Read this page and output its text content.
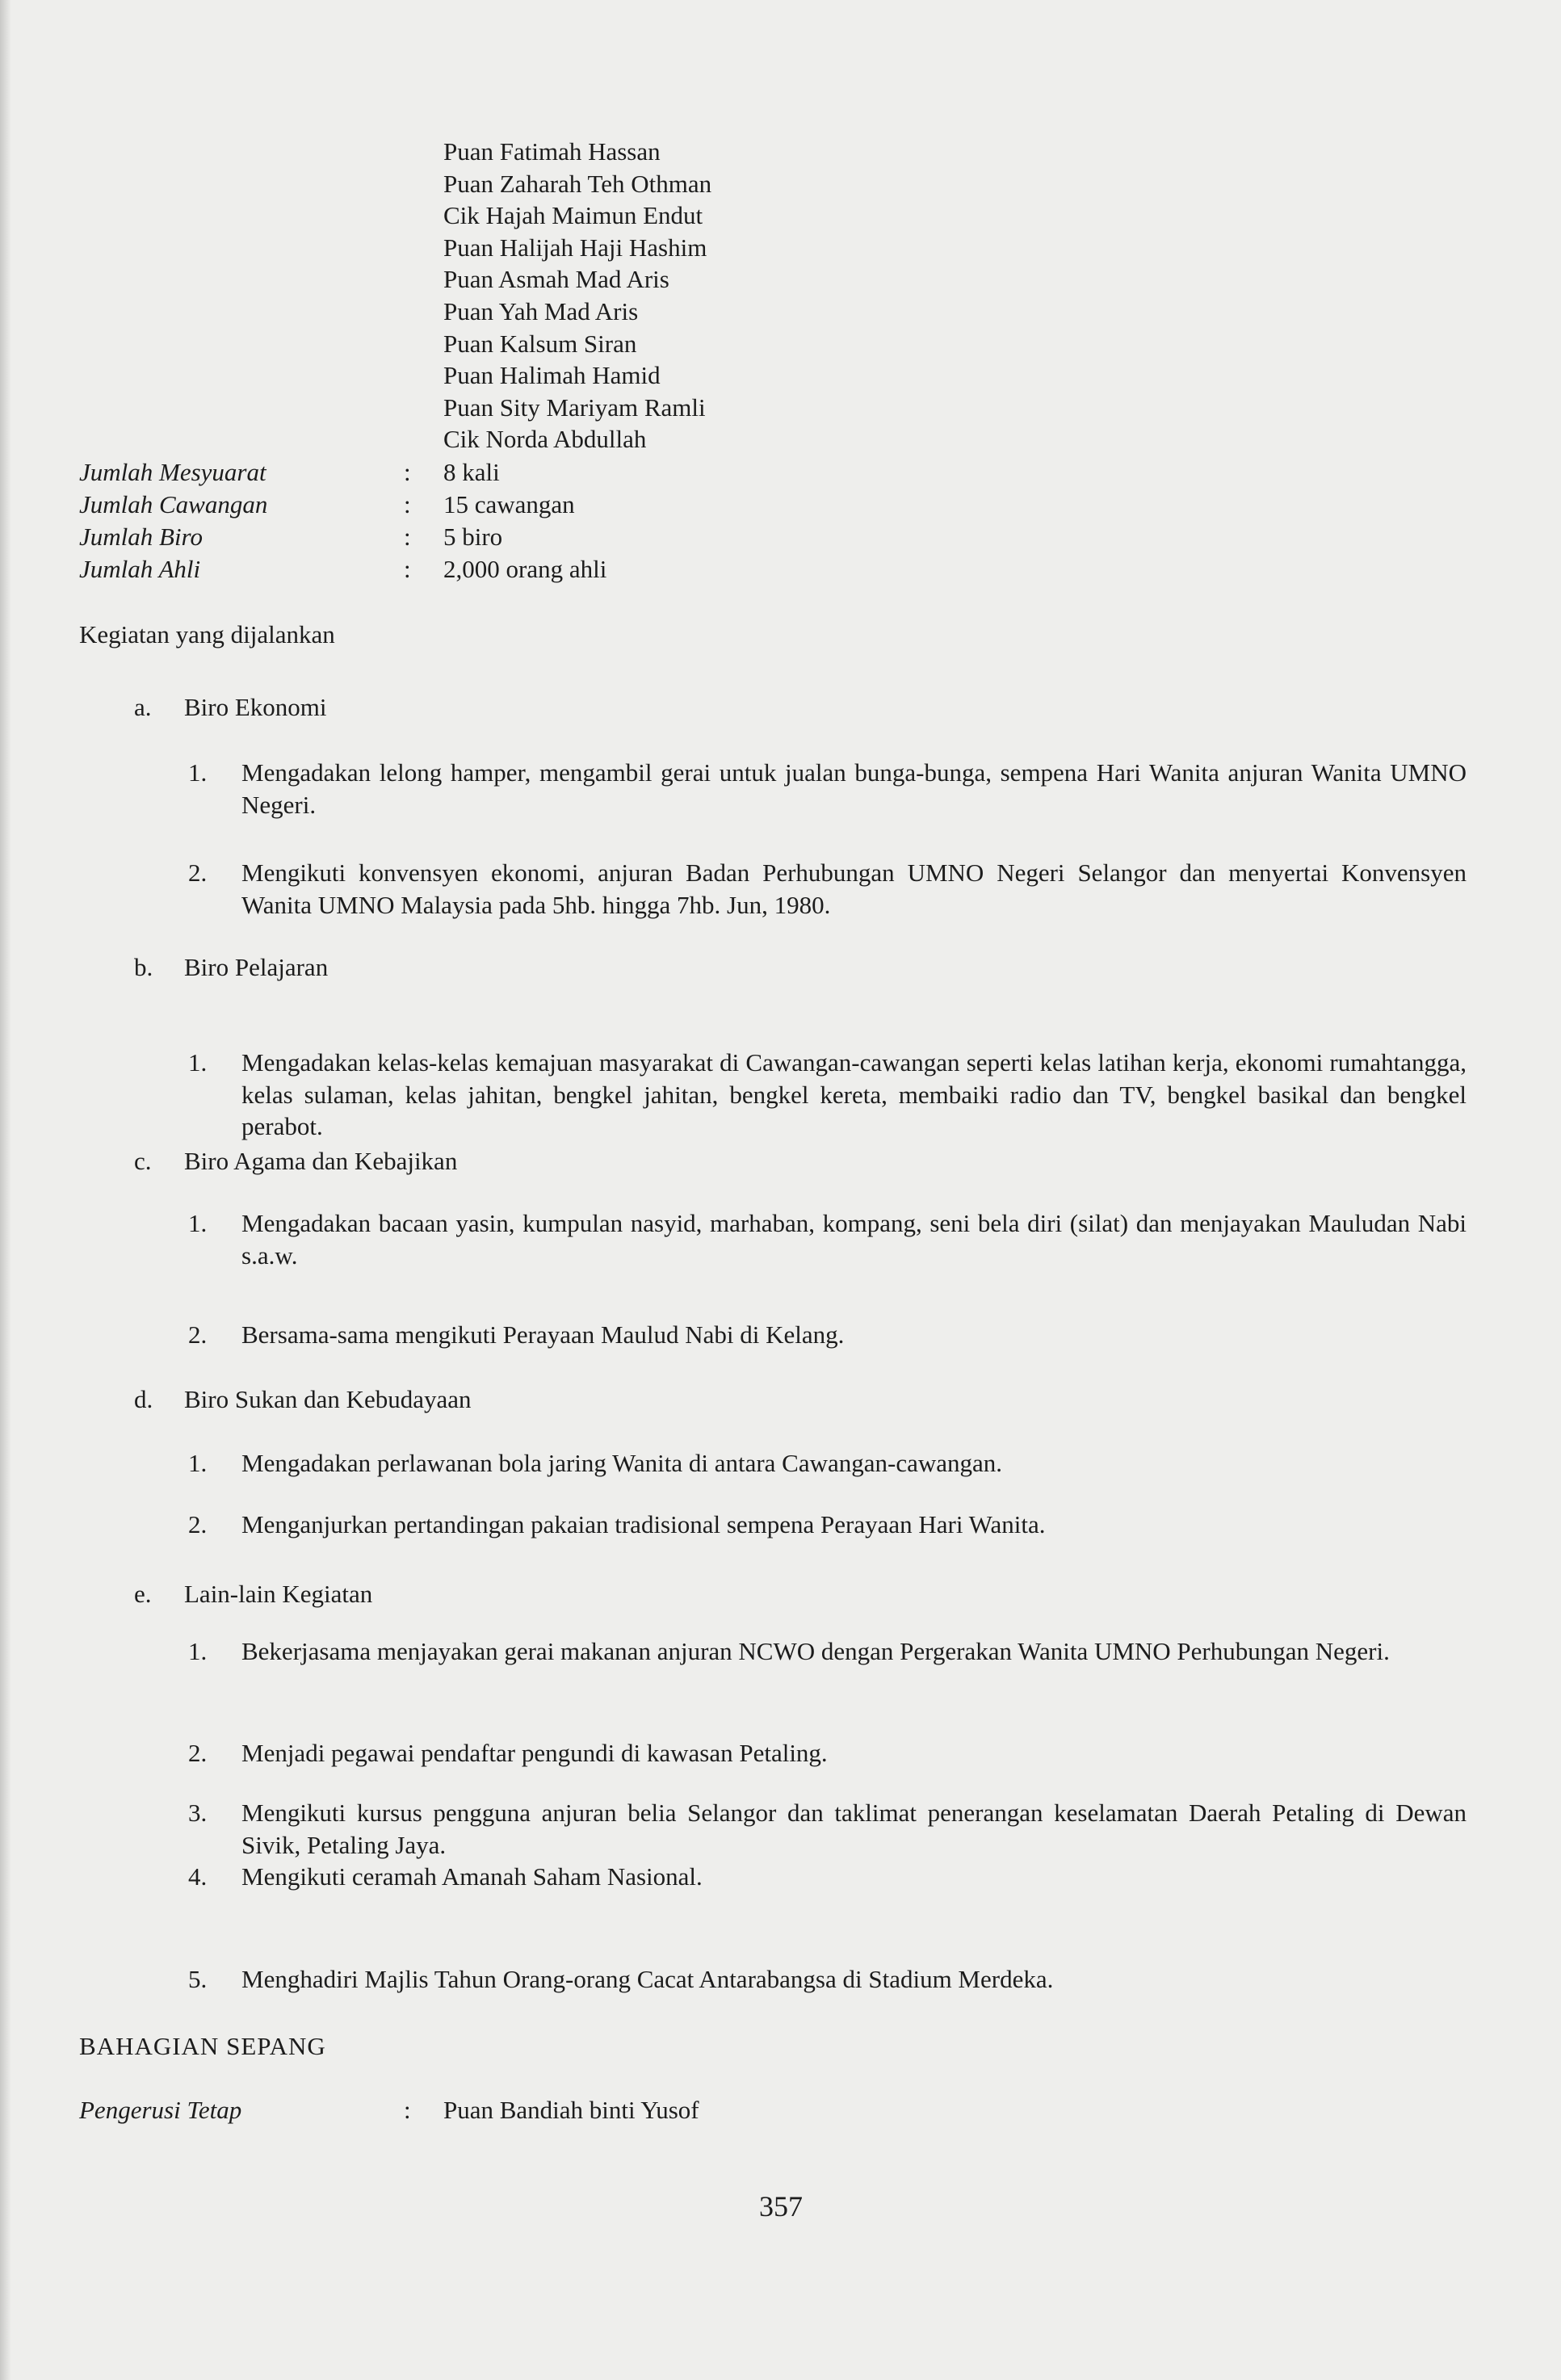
Puan Fatimah Hassan
Puan Zaharah Teh Othman
Cik Hajah Maimun Endut
Puan Halijah Haji Hashim
Puan Asmah Mad Aris
Puan Yah Mad Aris
Puan Kalsum Siran
Puan Halimah Hamid
Puan Sity Mariyam Ramli
Cik Norda Abdullah
Jumlah Mesyuarat	: 8 kali
Jumlah Cawangan	: 15 cawangan
Jumlah Biro	: 5 biro
Jumlah Ahli	: 2,000 orang ahli
Kegiatan yang dijalankan
a. Biro Ekonomi
1. Mengadakan lelong hamper, mengambil gerai untuk jualan bunga-bunga, sempena Hari Wanita anjuran Wanita UMNO Negeri.
2. Mengikuti konvensyen ekonomi, anjuran Badan Perhubungan UMNO Negeri Selangor dan menyertai Konvensyen Wanita UMNO Malaysia pada 5hb. hingga 7hb. Jun, 1980.
b. Biro Pelajaran
1. Mengadakan kelas-kelas kemajuan masyarakat di Cawangan-cawangan seperti kelas latihan kerja, ekonomi rumahtangga, kelas sulaman, kelas jahitan, bengkel jahitan, bengkel kereta, membaiki radio dan TV, bengkel basikal dan bengkel perabot.
c. Biro Agama dan Kebajikan
1. Mengadakan bacaan yasin, kumpulan nasyid, marhaban, kompang, seni bela diri (silat) dan menjayakan Mauludan Nabi s.a.w.
2. Bersama-sama mengikuti Perayaan Maulud Nabi di Kelang.
d. Biro Sukan dan Kebudayaan
1. Mengadakan perlawanan bola jaring Wanita di antara Cawangan-cawangan.
2. Menganjurkan pertandingan pakaian tradisional sempena Perayaan Hari Wanita.
e. Lain-lain Kegiatan
1. Bekerjasama menjayakan gerai makanan anjuran NCWO dengan Pergerakan Wanita UMNO Perhubungan Negeri.
2. Menjadi pegawai pendaftar pengundi di kawasan Petaling.
3. Mengikuti kursus pengguna anjuran belia Selangor dan taklimat penerangan keselamatan Daerah Petaling di Dewan Sivik, Petaling Jaya.
4. Mengikuti ceramah Amanah Saham Nasional.
5. Menghadiri Majlis Tahun Orang-orang Cacat Antarabangsa di Stadium Merdeka.
BAHAGIAN SEPANG
Pengerusi Tetap	: Puan Bandiah binti Yusof
357
